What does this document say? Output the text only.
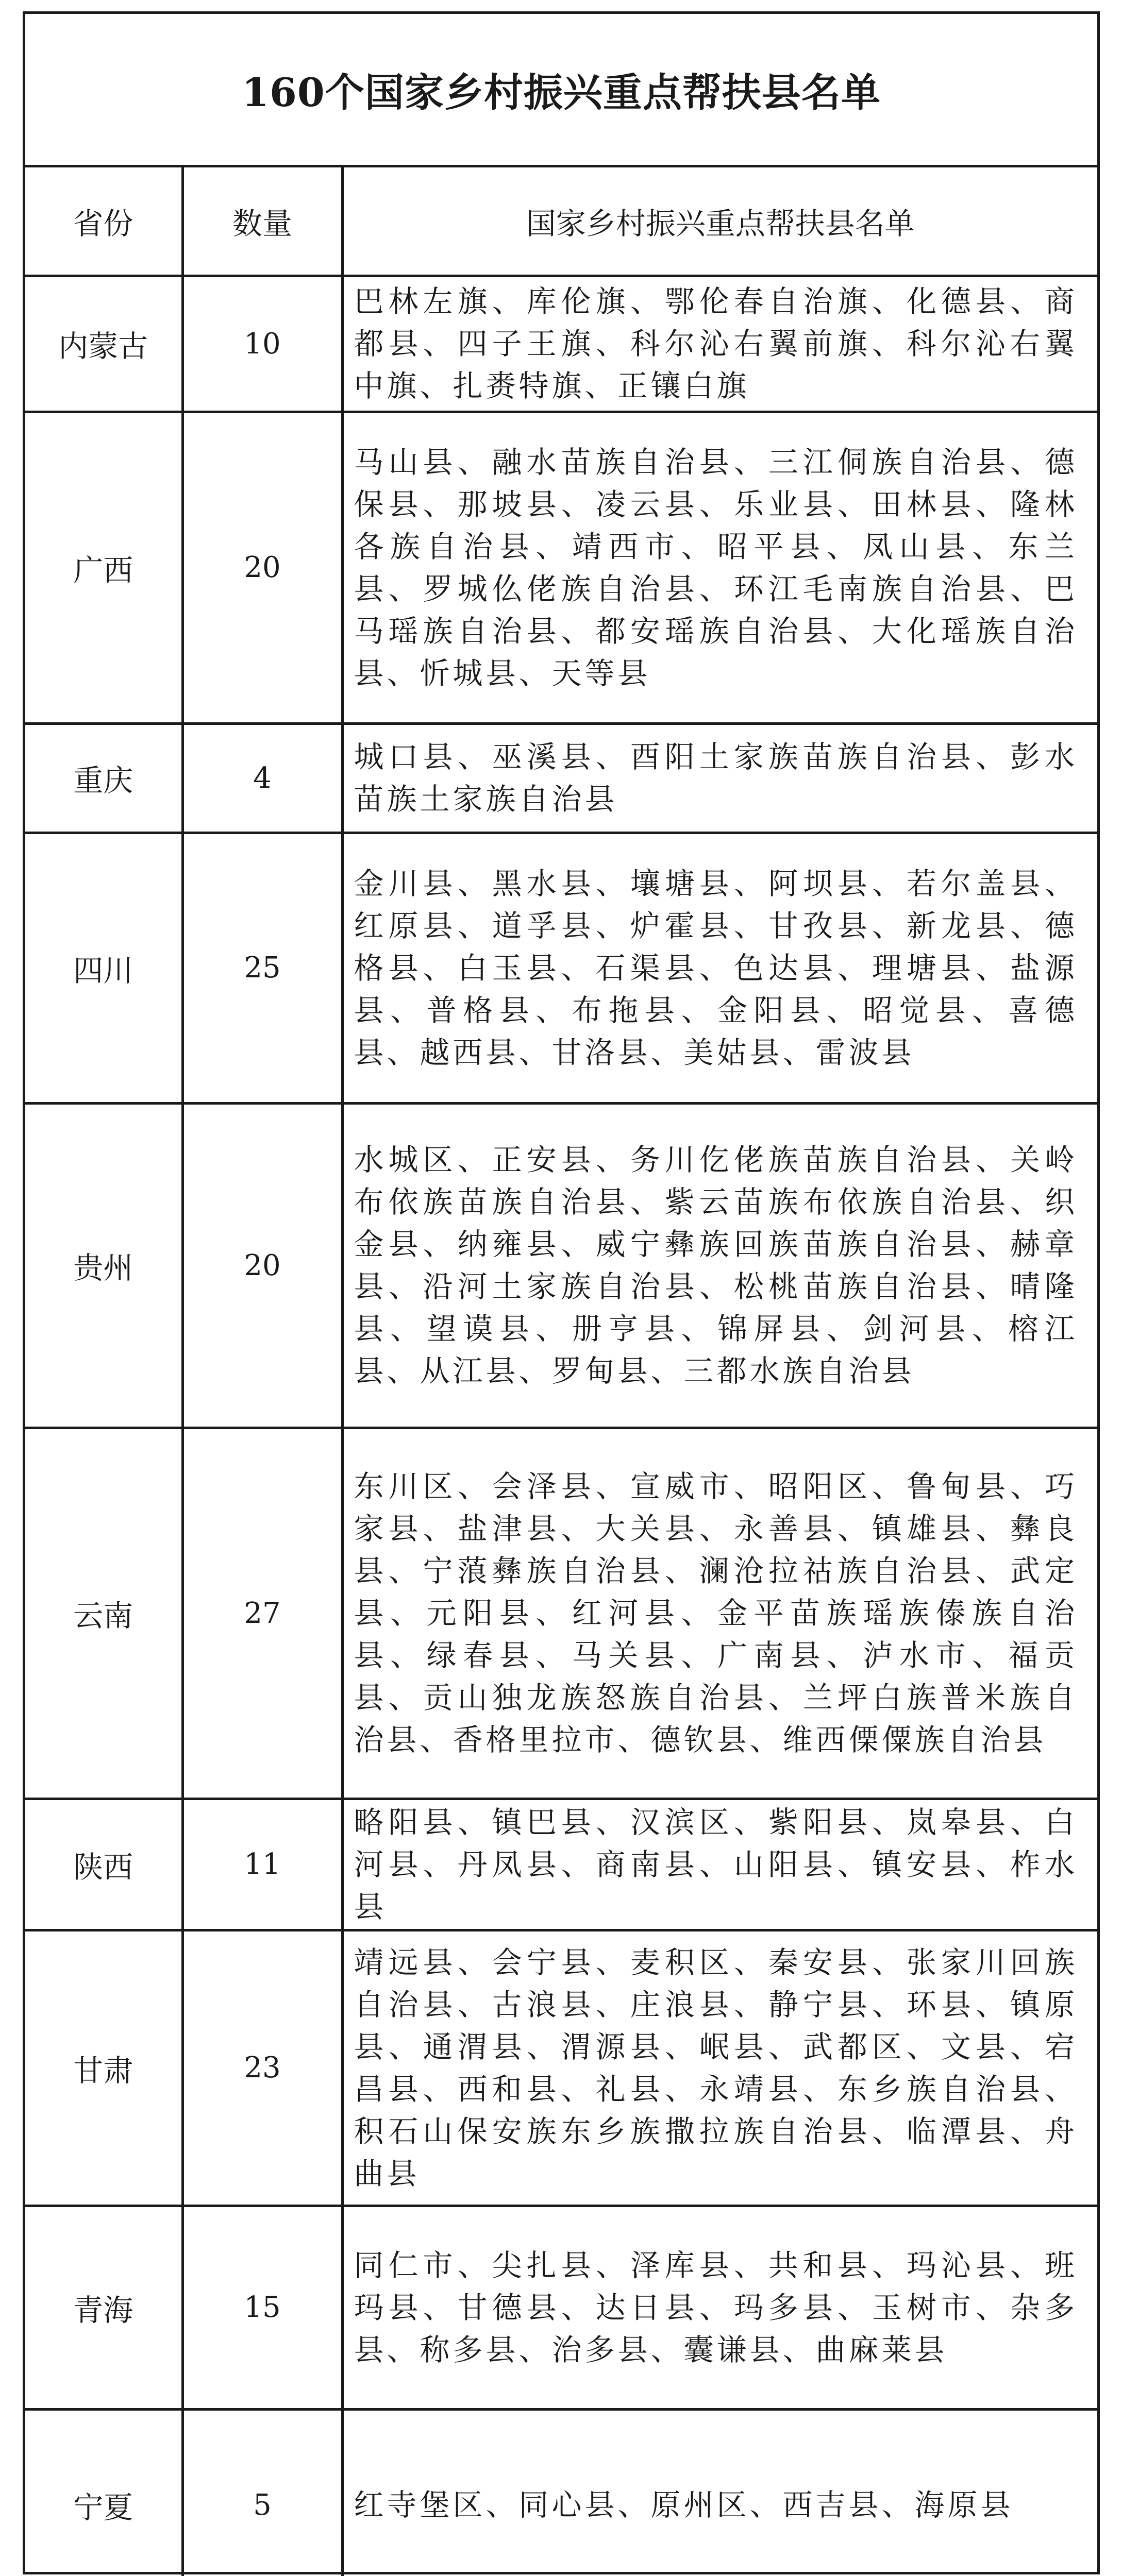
160个国家乡村振兴重点帮扶县名单
省份	数量	国家乡村振兴重点帮扶县名单
内蒙古	10	巴林左旗、库伦旗、鄂伦春自治旗、化德县、商都县、四子王旗、科尔沁右翼前旗、科尔沁右翼中旗、扎赉特旗、正镶白旗
广西	20	马山县、融水苗族自治县、三江侗族自治县、德保县、那坡县、凌云县、乐业县、田林县、隆林各族自治县、靖西市、昭平县、凤山县、东兰县、罗城仫佬族自治县、环江毛南族自治县、巴马瑶族自治县、都安瑶族自治县、大化瑶族自治县、忻城县、天等县
重庆	4	城口县、巫溪县、酉阳土家族苗族自治县、彭水苗族土家族自治县
四川	25	金川县、黑水县、壤塘县、阿坝县、若尔盖县、红原县、道孚县、炉霍县、甘孜县、新龙县、德格县、白玉县、石渠县、色达县、理塘县、盐源县、普格县、布拖县、金阳县、昭觉县、喜德县、越西县、甘洛县、美姑县、雷波县
贵州	20	水城区、正安县、务川仡佬族苗族自治县、关岭布依族苗族自治县、紫云苗族布依族自治县、织金县、纳雍县、威宁彝族回族苗族自治县、赫章县、沿河土家族自治县、松桃苗族自治县、晴隆县、望谟县、册亨县、锦屏县、剑河县、榕江县、从江县、罗甸县、三都水族自治县
云南	27	东川区、会泽县、宣威市、昭阳区、鲁甸县、巧家县、盐津县、大关县、永善县、镇雄县、彝良县、宁蒗彝族自治县、澜沧拉祜族自治县、武定县、元阳县、红河县、金平苗族瑶族傣族自治县、绿春县、马关县、广南县、泸水市、福贡县、贡山独龙族怒族自治县、兰坪白族普米族自治县、香格里拉市、德钦县、维西傈僳族自治县
陕西	11	略阳县、镇巴县、汉滨区、紫阳县、岚皋县、白河县、丹凤县、商南县、山阳县、镇安县、柞水县
甘肃	23	靖远县、会宁县、麦积区、秦安县、张家川回族自治县、古浪县、庄浪县、静宁县、环县、镇原县、通渭县、渭源县、岷县、武都区、文县、宕昌县、西和县、礼县、永靖县、东乡族自治县、积石山保安族东乡族撒拉族自治县、临潭县、舟曲县
青海	15	同仁市、尖扎县、泽库县、共和县、玛沁县、班玛县、甘德县、达日县、玛多县、玉树市、杂多县、称多县、治多县、囊谦县、曲麻莱县
宁夏	5	红寺堡区、同心县、原州区、西吉县、海原县
